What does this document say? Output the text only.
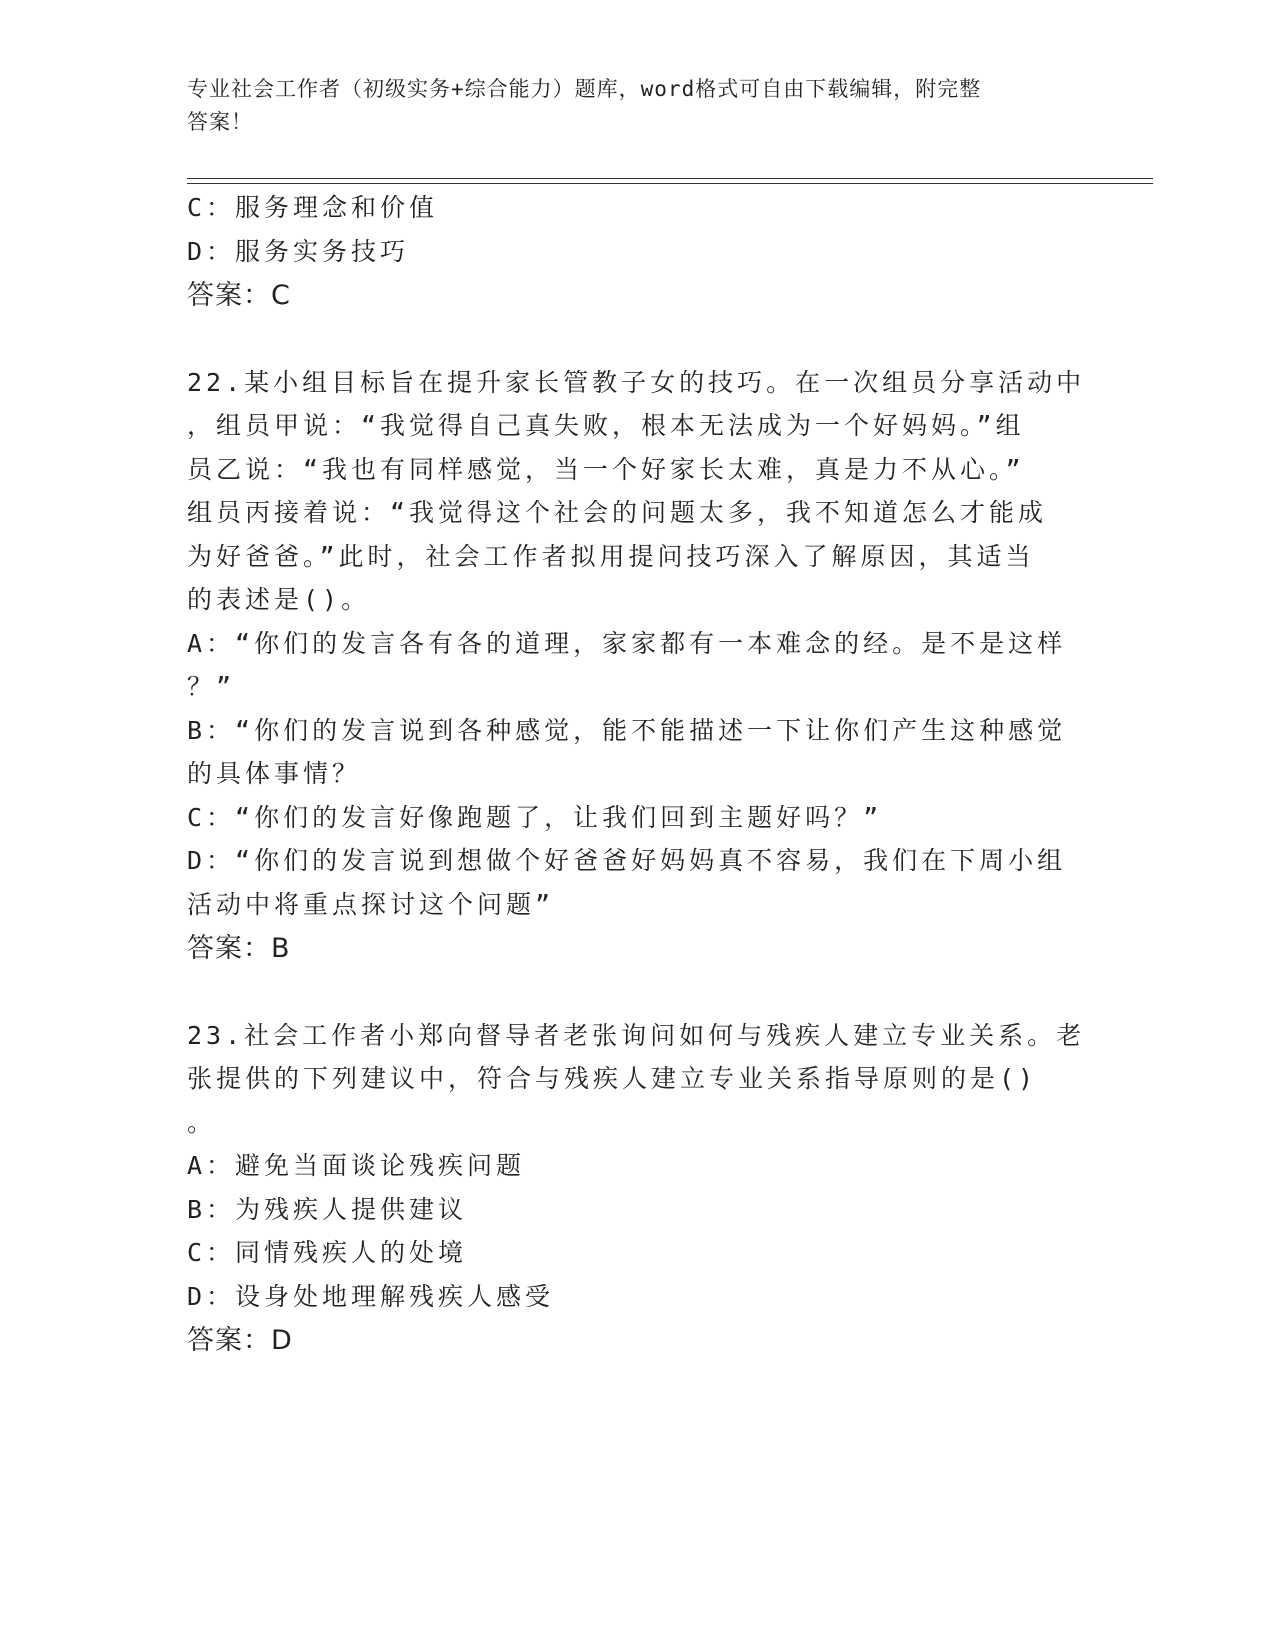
专业社会工作者（初级实务+综合能力）题库，word格式可自由下载编辑，附完整
答案！
C：服务理念和价值
D：服务实务技巧
答案：C
22.某小组目标旨在提升家长管教子女的技巧。在一次组员分享活动中
，组员甲说：“我觉得自己真失败，根本无法成为一个好妈妈。”组
员乙说：“我也有同样感觉，当一个好家长太难，真是力不从心。”
组员丙接着说：“我觉得这个社会的问题太多，我不知道怎么才能成
为好爸爸。”此时，社会工作者拟用提问技巧深入了解原因，其适当
的表述是()。
A：“你们的发言各有各的道理，家家都有一本难念的经。是不是这样
？”
B：“你们的发言说到各种感觉，能不能描述一下让你们产生这种感觉
的具体事情？
C：“你们的发言好像跑题了，让我们回到主题好吗？”
D：“你们的发言说到想做个好爸爸好妈妈真不容易，我们在下周小组
活动中将重点探讨这个问题”
答案：B
23.社会工作者小郑向督导者老张询问如何与残疾人建立专业关系。老
张提供的下列建议中，符合与残疾人建立专业关系指导原则的是()
。
A：避免当面谈论残疾问题
B：为残疾人提供建议
C：同情残疾人的处境
D：设身处地理解残疾人感受
答案：D
